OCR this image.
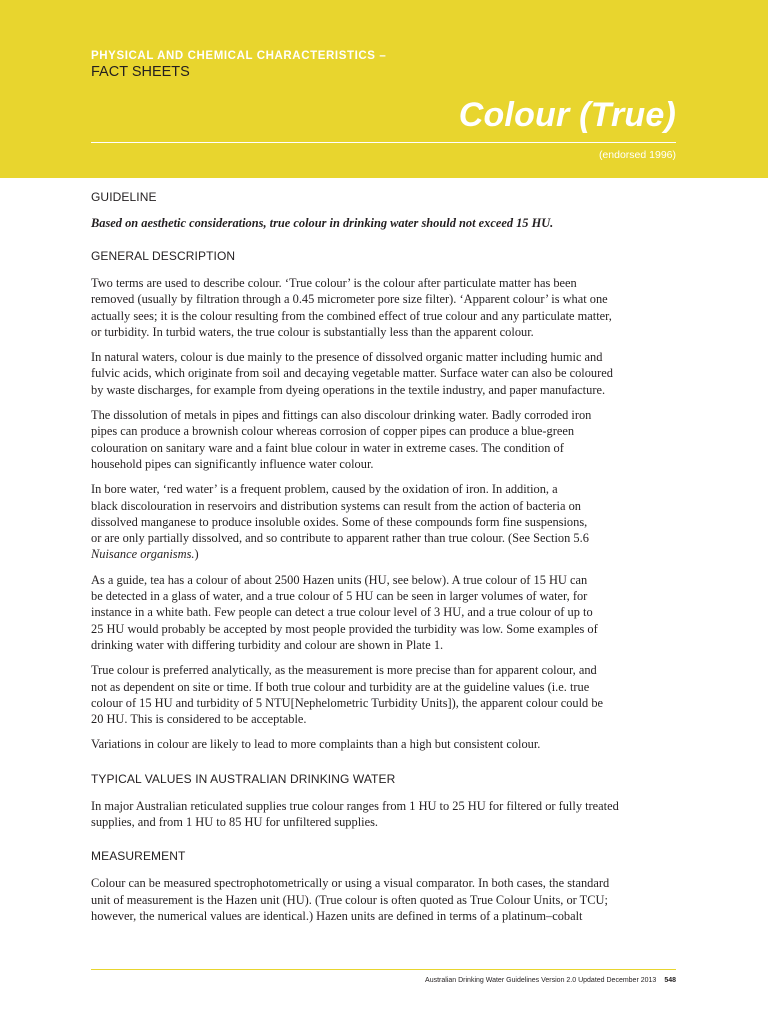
PHYSICAL AND CHEMICAL CHARACTERISTICS –
FACT SHEETS
Colour (True)
(endorsed 1996)
GUIDELINE
Based on aesthetic considerations, true colour in drinking water should not exceed 15 HU.
GENERAL DESCRIPTION

Two terms are used to describe colour. ‘True colour’ is the colour after particulate matter has been
removed (usually by filtration through a 0.45 micrometer pore size filter). ‘Apparent colour’ is what one
actually sees; it is the colour resulting from the combined effect of true colour and any particulate matter,
or turbidity. In turbid waters, the true colour is substantially less than the apparent colour.

In natural waters, colour is due mainly to the presence of dissolved organic matter including humic and
fulvic acids, which originate from soil and decaying vegetable matter. Surface water can also be coloured
by waste discharges, for example from dyeing operations in the textile industry, and paper manufacture.

The dissolution of metals in pipes and fittings can also discolour drinking water. Badly corroded iron
pipes can produce a brownish colour whereas corrosion of copper pipes can produce a blue-green
colouration on sanitary ware and a faint blue colour in water in extreme cases. The condition of
household pipes can significantly influence water colour.

In bore water, ‘red water’ is a frequent problem, caused by the oxidation of iron. In addition, a
black discolouration in reservoirs and distribution systems can result from the action of bacteria on
dissolved manganese to produce insoluble oxides. Some of these compounds form fine suspensions,
or are only partially dissolved, and so contribute to apparent rather than true colour. (See Section 5.6
Nuisance organisms.)

As a guide, tea has a colour of about 2500 Hazen units (HU, see below). A true colour of 15 HU can
be detected in a glass of water, and a true colour of 5 HU can be seen in larger volumes of water, for
instance in a white bath. Few people can detect a true colour level of 3 HU, and a true colour of up to
25 HU would probably be accepted by most people provided the turbidity was low. Some examples of
drinking water with differing turbidity and colour are shown in Plate 1.

True colour is preferred analytically, as the measurement is more precise than for apparent colour, and
not as dependent on site or time. If both true colour and turbidity are at the guideline values (i.e. true
colour of 15 HU and turbidity of 5 NTU[Nephelometric Turbidity Units]), the apparent colour could be
20 HU. This is considered to be acceptable.

Variations in colour are likely to lead to more complaints than a high but consistent colour.

TYPICAL VALUES IN AUSTRALIAN DRINKING WATER

In major Australian reticulated supplies true colour ranges from 1 HU to 25 HU for filtered or fully treated
supplies, and from 1 HU to 85 HU for unfiltered supplies.

MEASUREMENT

Colour can be measured spectrophotometrically or using a visual comparator. In both cases, the standard
unit of measurement is the Hazen unit (HU). (True colour is often quoted as True Colour Units, or TCU;
however, the numerical values are identical.) Hazen units are defined in terms of a platinum–cobalt

Australian Drinking Water Guidelines Version 2.0 Updated December 2013 548
